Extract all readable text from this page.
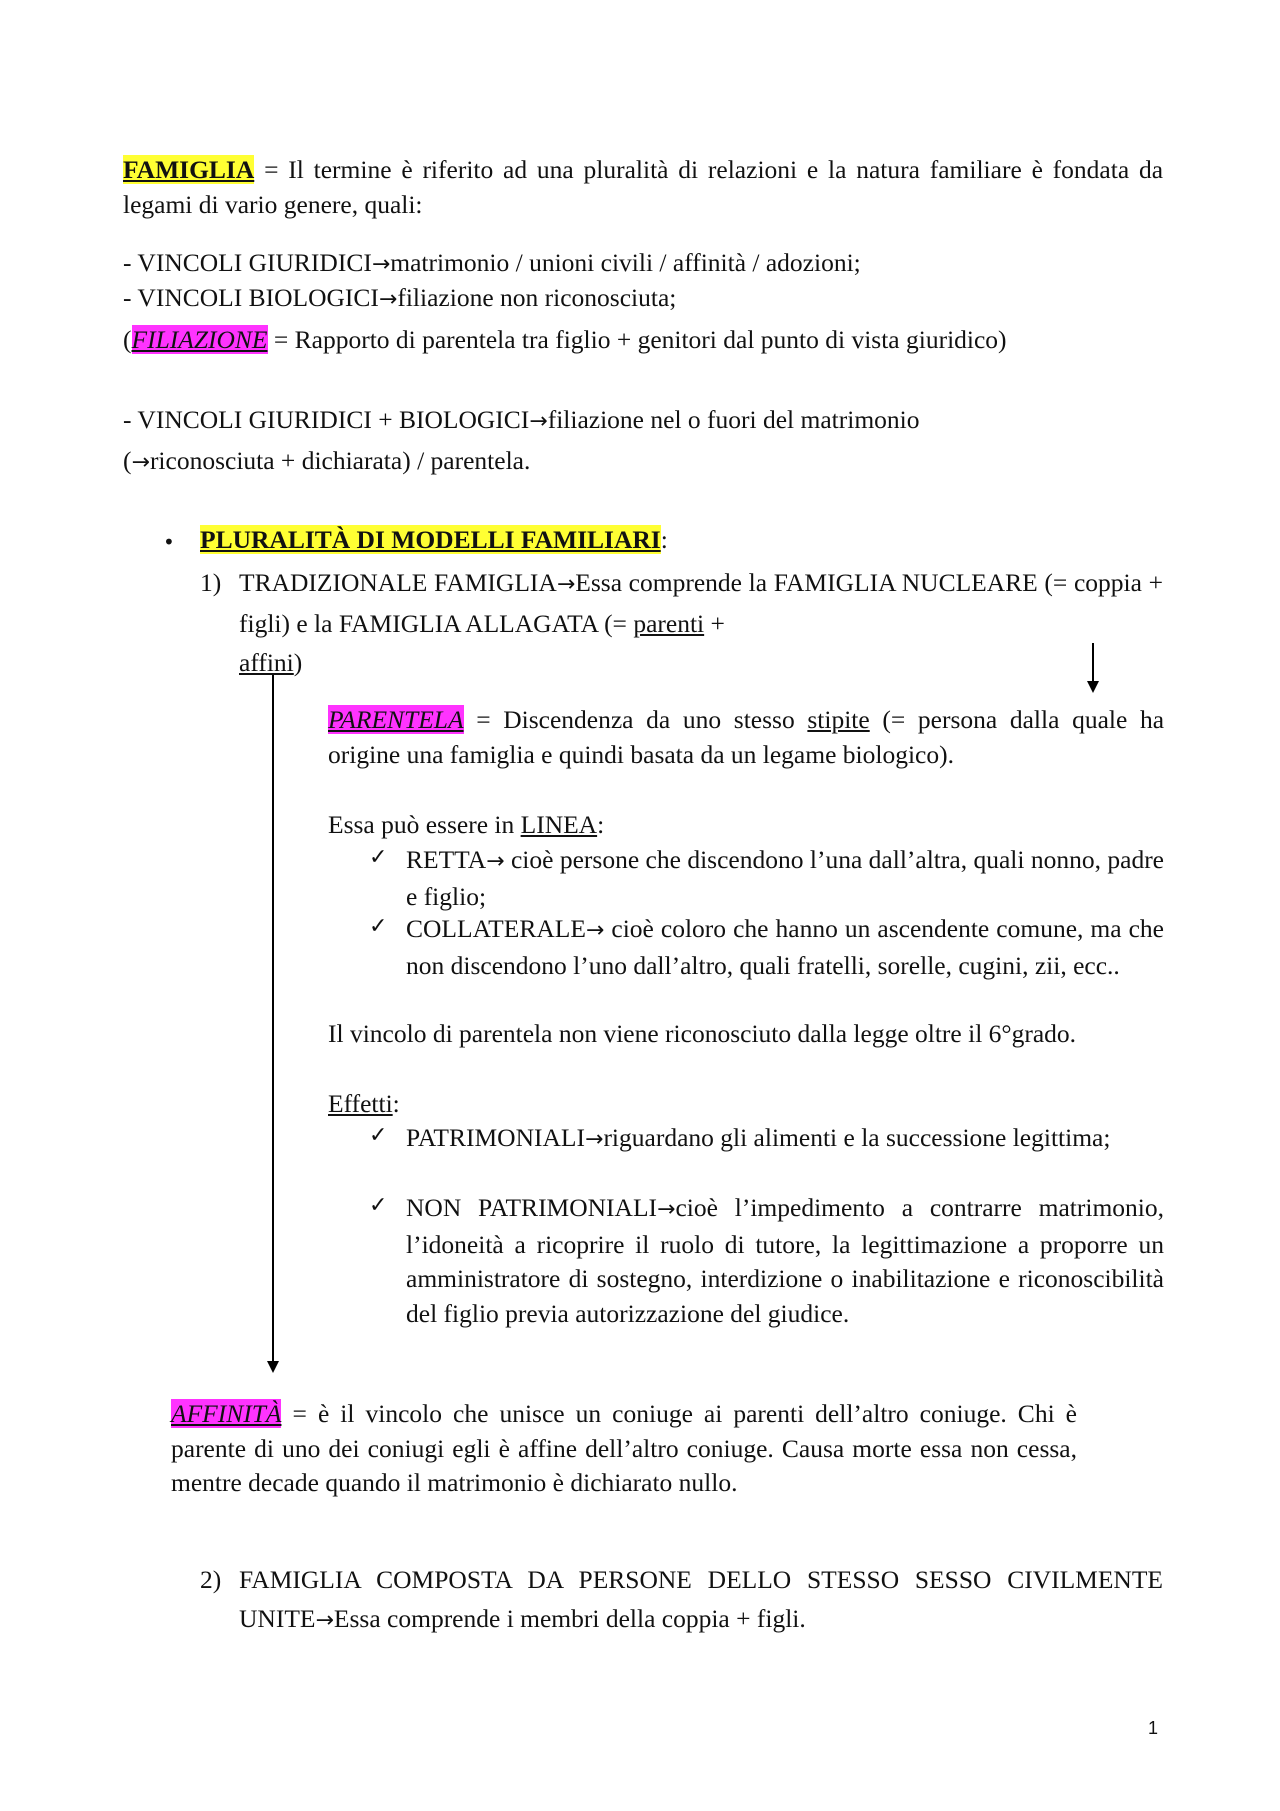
FAMIGLIA = Il termine è riferito ad una pluralità di relazioni e la natura familiare è fondata da legami di vario genere, quali:
- VINCOLI GIURIDICI→matrimonio / unioni civili / affinità / adozioni;
- VINCOLI BIOLOGICI→filiazione non riconosciuta;
(FILIAZIONE = Rapporto di parentela tra figlio + genitori dal punto di vista giuridico)
- VINCOLI GIURIDICI + BIOLOGICI→filiazione nel o fuori del matrimonio
(→riconosciuta + dichiarata) / parentela.
• PLURALITÀ DI MODELLI FAMILIARI:
1) TRADIZIONALE FAMIGLIA→Essa comprende la FAMIGLIA NUCLEARE (= coppia + figli) e la FAMIGLIA ALLAGATA (= parenti +
affini)
PARENTELA = Discendenza da uno stesso stipite (= persona dalla quale ha origine una famiglia e quindi basata da un legame biologico).
Essa può essere in LINEA:
✓ RETTA→ cioè persone che discendono l’una dall’altra, quali nonno, padre e figlio;
✓ COLLATERALE→ cioè coloro che hanno un ascendente comune, ma che non discendono l’uno dall’altro, quali fratelli, sorelle, cugini, zii, ecc..
Il vincolo di parentela non viene riconosciuto dalla legge oltre il 6°grado.
Effetti:
✓ PATRIMONIALI→riguardano gli alimenti e la successione legittima;
✓ NON PATRIMONIALI→cioè l’impedimento a contrarre matrimonio, l’idoneità a ricoprire il ruolo di tutore, la legittimazione a proporre un amministratore di sostegno, interdizione o inabilitazione e riconoscibilità del figlio previa autorizzazione del giudice.
AFFINITÀ = è il vincolo che unisce un coniuge ai parenti dell’altro coniuge. Chi è parente di uno dei coniugi egli è affine dell’altro coniuge. Causa morte essa non cessa, mentre decade quando il matrimonio è dichiarato nullo.
2) FAMIGLIA COMPOSTA DA PERSONE DELLO STESSO SESSO CIVILMENTE UNITE→Essa comprende i membri della coppia + figli.
1
